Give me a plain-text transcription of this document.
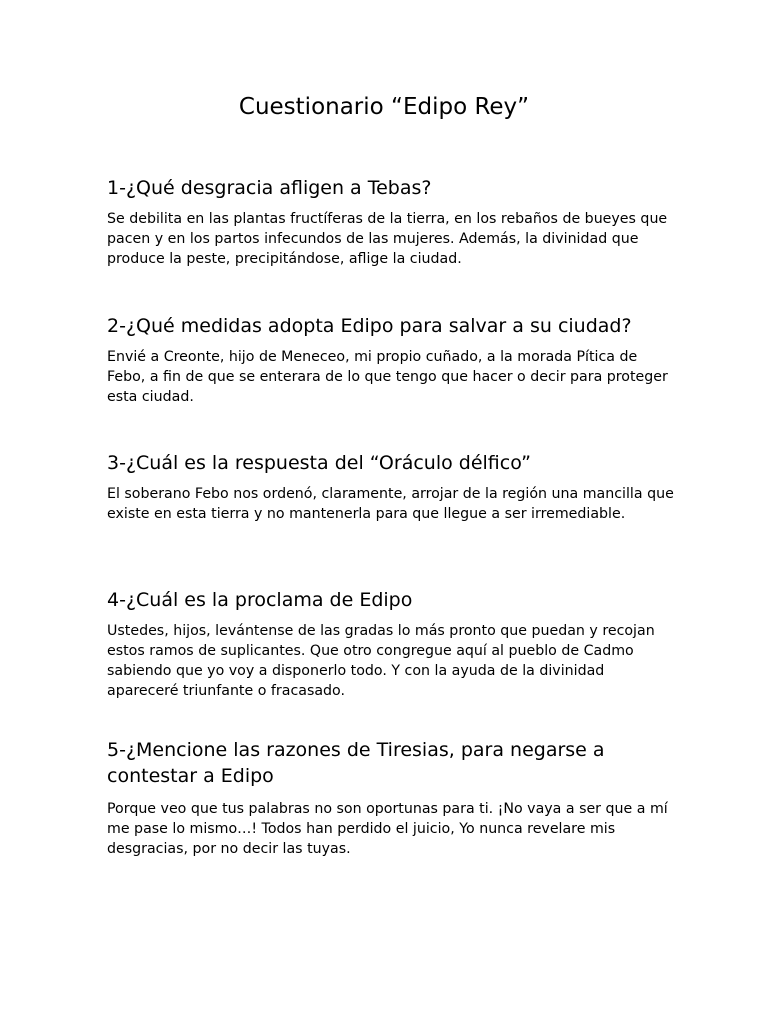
Cuestionario “Edipo Rey”
1-¿Qué desgracia afligen a Tebas?

Se debilita en las plantas fructíferas de la tierra, en los rebaños de bueyes que pacen y en los partos infecundos de las mujeres. Además, la divinidad que produce la peste, precipitándose, aflige la ciudad.

2-¿Qué medidas adopta Edipo para salvar a su ciudad?

Envié a Creonte, hijo de Meneceo, mi propio cuñado, a la morada Pítica de Febo, a fin de que se enterara de lo que tengo que hacer o decir para proteger esta ciudad.

3-¿Cuál es la respuesta del “Oráculo délfico”

El soberano Febo nos ordenó, claramente, arrojar de la región una mancilla que existe en esta tierra y no mantenerla para que llegue a ser irremediable.

4-¿Cuál es la proclama de Edipo

Ustedes, hijos, levántense de las gradas lo más pronto que puedan y recojan estos ramos de suplicantes. Que otro congregue aquí al pueblo de Cadmo sabiendo que yo voy a disponerlo todo. Y con la ayuda de la divinidad apareceré triunfante o fracasado.

5-¿Mencione las razones de Tiresias, para negarse a contestar a Edipo

Porque veo que tus palabras no son oportunas para ti. ¡No vaya a ser que a mí me pase lo mismo…! Todos han perdido el juicio, Yo nunca revelare mis desgracias, por no decir las tuyas.
